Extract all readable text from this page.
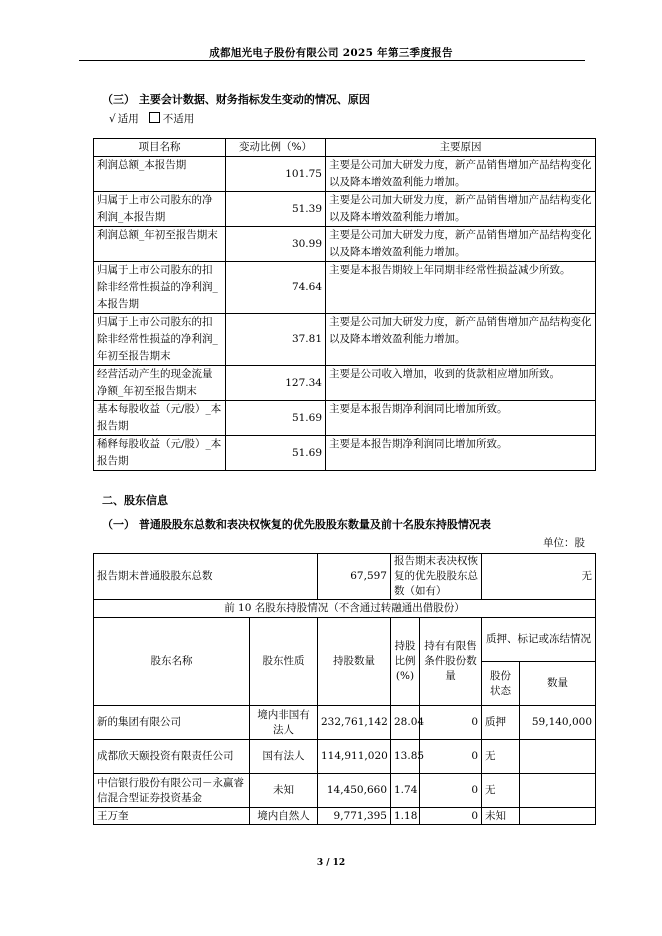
成都旭光电子股份有限公司 2025 年第三季度报告
（三） 主要会计数据、财务指标发生变动的情况、原因
√ 适用 不适用
项目名称	变动比例（%）	主要原因
利润总额_本报告期	101.75	主要是公司加大研发力度，新产品销售增加产品结构变化以及降本增效盈利能力增加。
归属于上市公司股东的净利润_本报告期	51.39	主要是公司加大研发力度，新产品销售增加产品结构变化以及降本增效盈利能力增加。
利润总额_年初至报告期末	30.99	主要是公司加大研发力度，新产品销售增加产品结构变化以及降本增效盈利能力增加。
归属于上市公司股东的扣除非经常性损益的净利润_本报告期	74.64	主要是本报告期较上年同期非经常性损益减少所致。
归属于上市公司股东的扣除非经常性损益的净利润_年初至报告期末	37.81	主要是公司加大研发力度，新产品销售增加产品结构变化以及降本增效盈利能力增加。
经营活动产生的现金流量净额_年初至报告期末	127.34	主要是公司收入增加，收到的货款相应增加所致。
基本每股收益（元/股）_本报告期	51.69	主要是本报告期净利润同比增加所致。
稀释每股收益（元/股）_本报告期	51.69	主要是本报告期净利润同比增加所致。
二、股东信息
（一） 普通股股东总数和表决权恢复的优先股股东数量及前十名股东持股情况表
单位：股
报告期末普通股股东总数		67,597	报告期末表决权恢复的优先股股东总数（如有）		无	
前 10 名股东持股情况（不含通过转融通出借股份）						
股东名称	股东性质	持股数量	持股比例(%)	持有有限售条件股份数量	质押、标记或冻结情况	
					股份状态	数量
新的集团有限公司	境内非国有法人	232,761,142	28.04	0	质押	59,140,000
成都欣天颐投资有限责任公司	国有法人	114,911,020	13.85	0	无	
中信银行股份有限公司－永赢睿信混合型证券投资基金	未知	14,450,660	1.74	0	无	
王万奎	境内自然人	9,771,395	1.18	0	未知	
3 / 12
